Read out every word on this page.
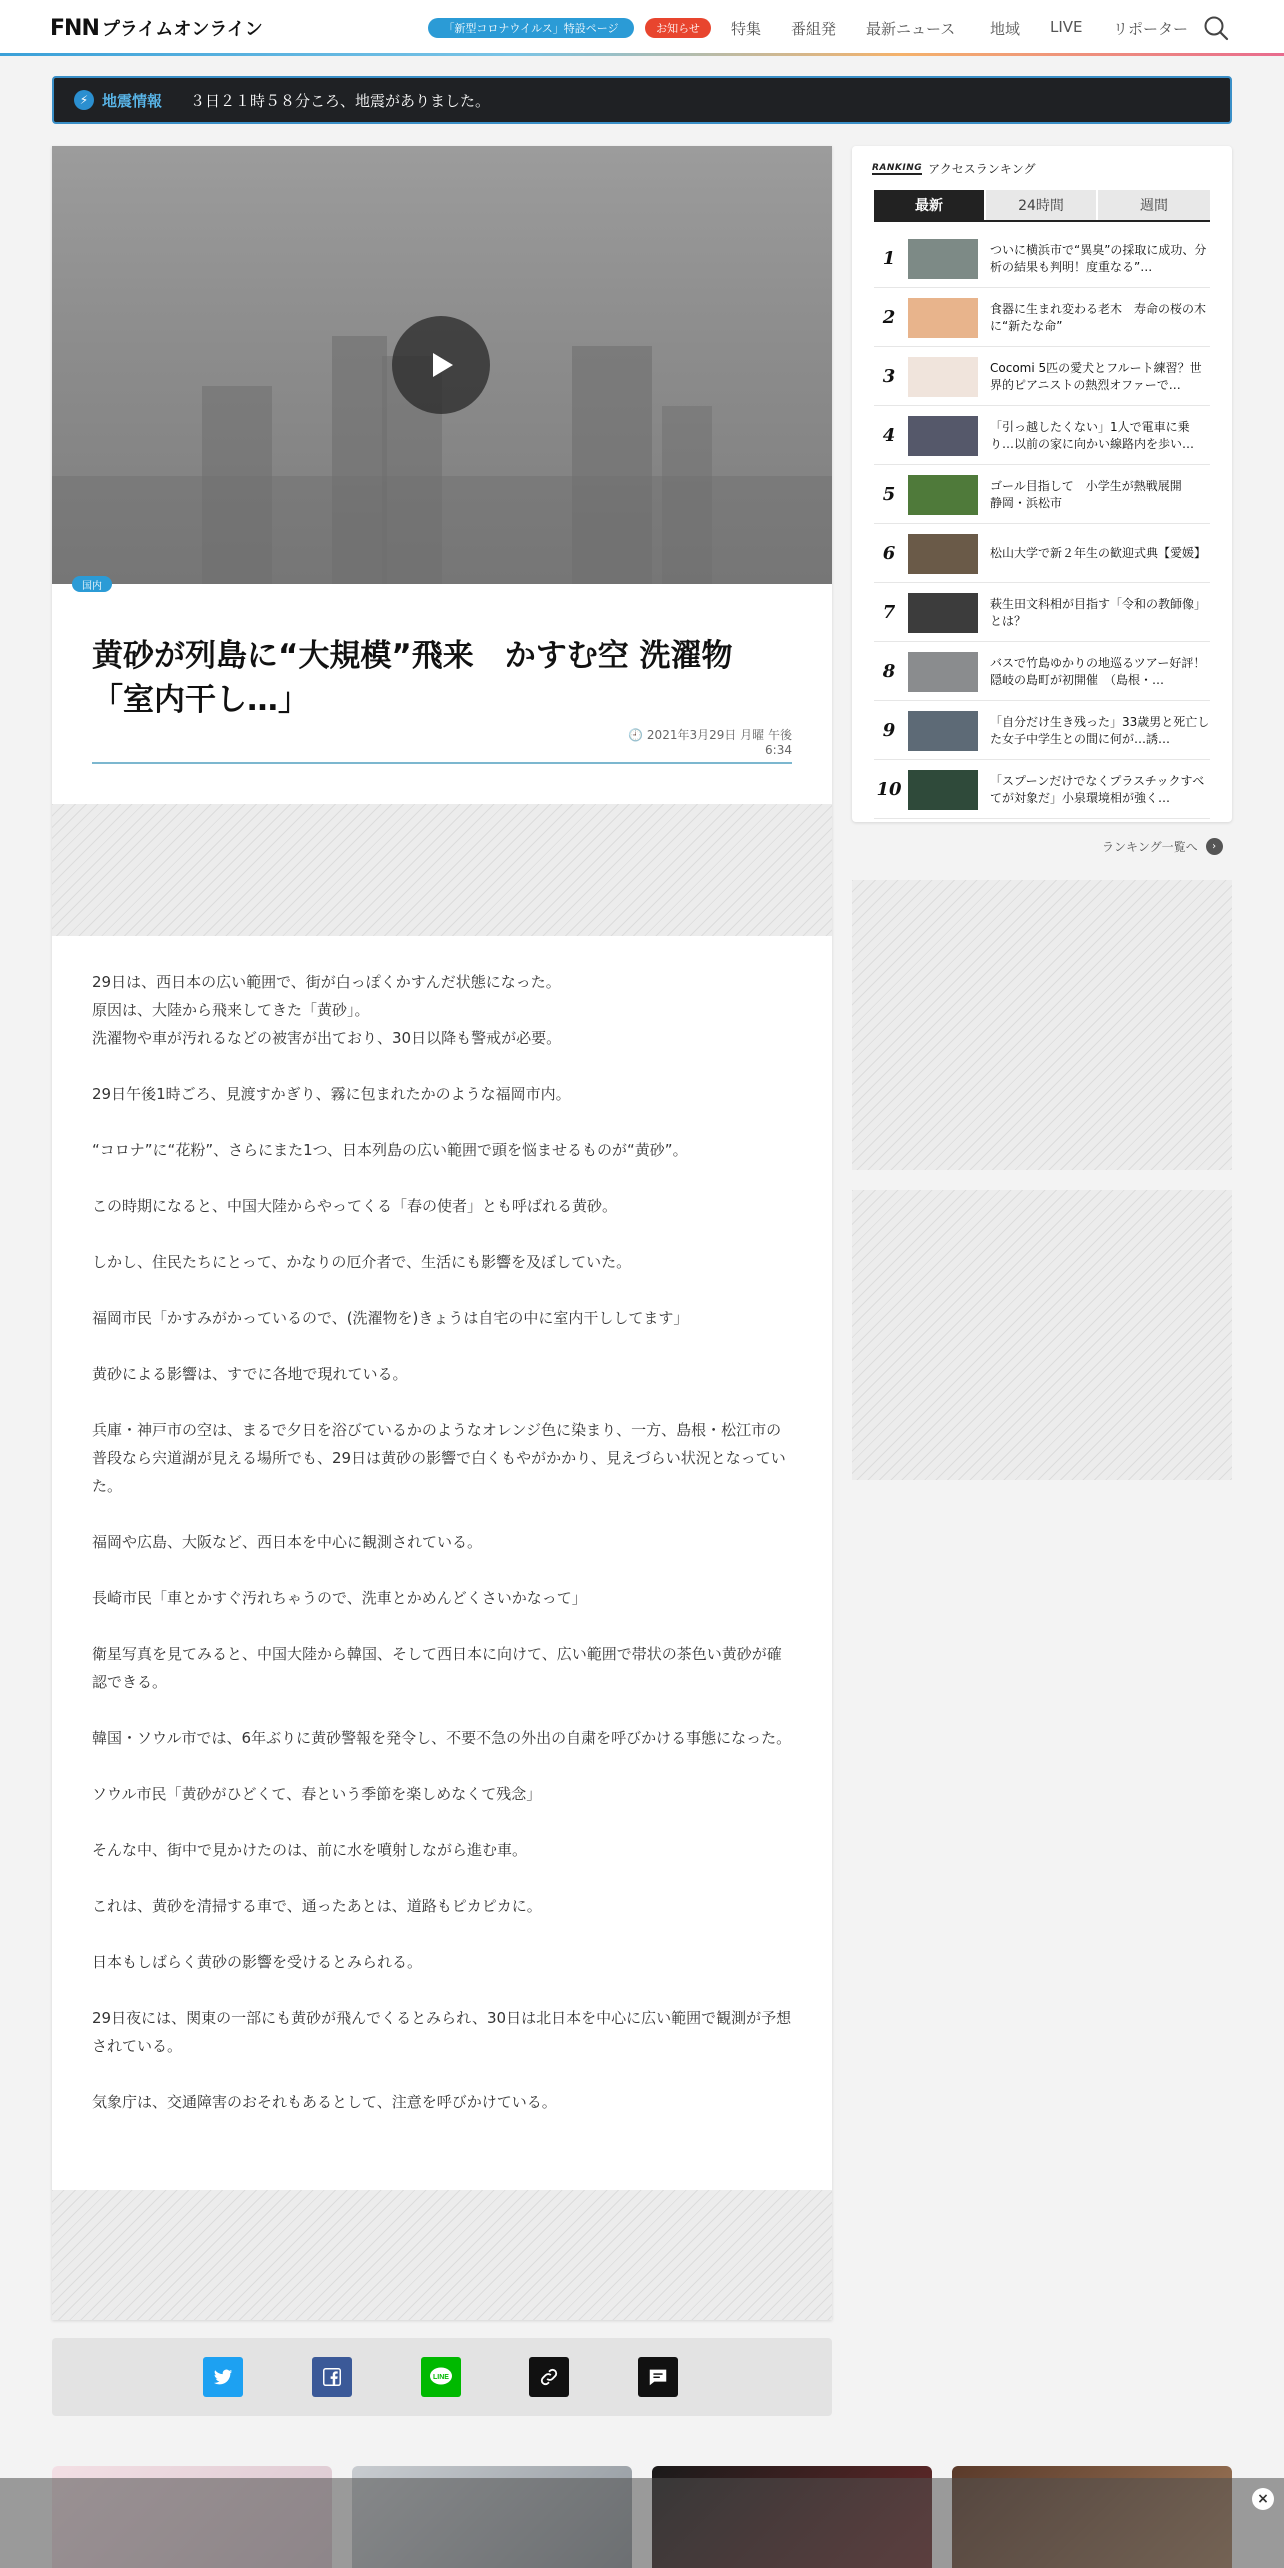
FNN プライムオンライン	「新型コロナウイルス」特設ページ	お知らせ	特集 番組発 最新ニュース 地域 LIVE リポーター
⚡ 地震情報 ３日２１時５８分ころ、地震がありました。
国内
黄砂が列島に“大規模”飛来　かすむ空 洗濯物「室内干し…」
🕘 2021年3月29日 月曜 午後6:34

29日は、西日本の広い範囲で、街が白っぽくかすんだ状態になった。
原因は、大陸から飛来してきた「黄砂」。
洗濯物や車が汚れるなどの被害が出ており、30日以降も警戒が必要。

29日午後1時ごろ、見渡すかぎり、霧に包まれたかのような福岡市内。

“コロナ”に“花粉”、さらにまた1つ、日本列島の広い範囲で頭を悩ませるものが“黄砂”。

この時期になると、中国大陸からやってくる「春の使者」とも呼ばれる黄砂。

しかし、住民たちにとって、かなりの厄介者で、生活にも影響を及ぼしていた。

福岡市民「かすみがかっているので、(洗濯物を)きょうは自宅の中に室内干ししてます」

黄砂による影響は、すでに各地で現れている。

兵庫・神戸市の空は、まるで夕日を浴びているかのようなオレンジ色に染まり、一方、島根・松江市の普段なら宍道湖が見える場所でも、29日は黄砂の影響で白くもやがかかり、見えづらい状況となっていた。

福岡や広島、大阪など、西日本を中心に観測されている。

長崎市民「車とかすぐ汚れちゃうので、洗車とかめんどくさいかなって」

衛星写真を見てみると、中国大陸から韓国、そして西日本に向けて、広い範囲で帯状の茶色い黄砂が確認できる。

韓国・ソウル市では、6年ぶりに黄砂警報を発令し、不要不急の外出の自粛を呼びかける事態になった。

ソウル市民「黄砂がひどくて、春という季節を楽しめなくて残念」

そんな中、街中で見かけたのは、前に水を噴射しながら進む車。

これは、黄砂を清掃する車で、通ったあとは、道路もピカピカに。

日本もしばらく黄砂の影響を受けるとみられる。

29日夜には、関東の一部にも黄砂が飛んでくるとみられ、30日は北日本を中心に広い範囲で観測が予想されている。

気象庁は、交通障害のおそれもあるとして、注意を呼びかけている。

LINE
RANKING アクセスランキング
最新	24時間	週間
1	ついに横浜市で“異臭”の採取に成功、分析の結果も判明！度重なる”…
2	食器に生まれ変わる老木　寿命の桜の木に“新たな命”
3	Cocomi 5匹の愛犬とフルート練習？世界的ピアニストの熱烈オファーで…
4	「引っ越したくない」1人で電車に乗り…以前の家に向かい線路内を歩い…
5	ゴール目指して　小学生が熱戦展開　　静岡・浜松市
6	松山大学で新２年生の歓迎式典【愛媛】
7	萩生田文科相が目指す「令和の教師像」とは？
8	バスで竹島ゆかりの地巡るツアー好評！隠岐の島町が初開催　（島根・…
9	「自分だけ生き残った」33歳男と死亡した女子中学生との間に何が…誘…
10	「スプーンだけでなくプラスチックすべてが対象だ」小泉環境相が強く…
ランキング一覧へ	›
×
